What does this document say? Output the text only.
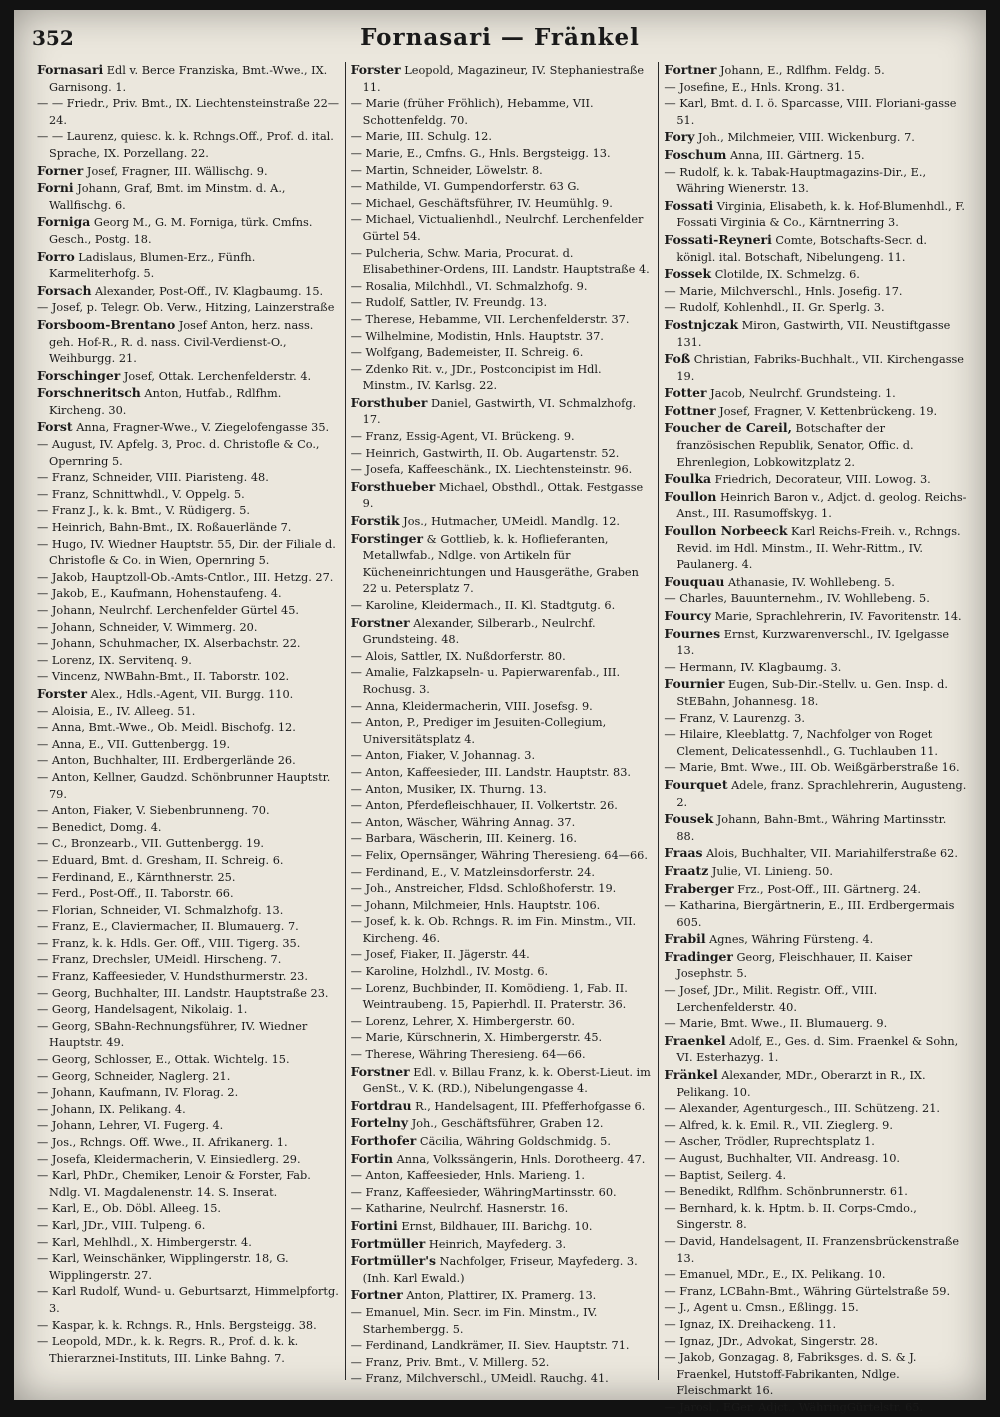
352	Fornasari — Fränkel
Fornasari Edl v. Berce Franziska, Bmt.-Wwe., IX. Garnisong. 1.
— — Friedr., Priv. Bmt., IX. Liechtensteinstraße 22—24.
— — Laurenz, quiesc. k. k. Rchngs.Off., Prof. d. ital. Sprache, IX. Porzellang. 22.
Forner Josef, Fragner, III. Wällischg. 9.
Forni Johann, Graf, Bmt. im Minstm. d. A., Wallfischg. 6.
Forniga Georg M., G. M. Forniga, türk. Cmfns. Gesch., Postg. 18.
Forro Ladislaus, Blumen-Erz., Fünfh. Karmeliterhofg. 5.
Forsach Alexander, Post-Off., IV. Klagbaumg. 15.
— Josef, p. Telegr. Ob. Verw., Hitzing, Lainzerstraße
Forsboom-Brentano Josef Anton, herz. nass. geh. Hof-R., R. d. nass. Civil-Verdienst-O., Weihburgg. 21.
Forschinger Josef, Ottak. Lerchenfelderstr. 4.
Forschneritsch Anton, Hutfab., Rdlfhm. Kircheng. 30.
Forst Anna, Fragner-Wwe., V. Ziegelofengasse 35.
— August, IV. Apfelg. 3, Proc. d. Christofle & Co., Opernring 5.
— Franz, Schneider, VIII. Piaristeng. 48.
— Franz, Schnittwhdl., V. Oppelg. 5.
— Franz J., k. k. Bmt., V. Rüdigerg. 5.
— Heinrich, Bahn-Bmt., IX. Roßauerlände 7.
— Hugo, IV. Wiedner Hauptstr. 55, Dir. der Filiale d. Christofle & Co. in Wien, Opernring 5.
— Jakob, Hauptzoll-Ob.-Amts-Cntlor., III. Hetzg. 27.
— Jakob, E., Kaufmann, Hohenstaufeng. 4.
— Johann, Neulrchf. Lerchenfelder Gürtel 45.
— Johann, Schneider, V. Wimmerg. 20.
— Johann, Schuhmacher, IX. Alserbachstr. 22.
— Lorenz, IX. Servitenq. 9.
— Vincenz, NWBahn-Bmt., II. Taborstr. 102.
Forster Alex., Hdls.-Agent, VII. Burgg. 110.
— Aloisia, E., IV. Alleeg. 51.
— Anna, Bmt.-Wwe., Ob. Meidl. Bischofg. 12.
— Anna, E., VII. Guttenbergg. 19.
— Anton, Buchhalter, III. Erdbergerlände 26.
— Anton, Kellner, Gaudzd. Schönbrunner Hauptstr. 79.
— Anton, Fiaker, V. Siebenbrunneng. 70.
— Benedict, Domg. 4.
— C., Bronzearb., VII. Guttenbergg. 19.
— Eduard, Bmt. d. Gresham, II. Schreig. 6.
— Ferdinand, E., Kärnthnerstr. 25.
— Ferd., Post-Off., II. Taborstr. 66.
— Florian, Schneider, VI. Schmalzhofg. 13.
— Franz, E., Claviermacher, II. Blumauerg. 7.
— Franz, k. k. Hdls. Ger. Off., VIII. Tigerg. 35.
— Franz, Drechsler, UMeidl. Hirscheng. 7.
— Franz, Kaffeesieder, V. Hundsthurmerstr. 23.
— Georg, Buchhalter, III. Landstr. Hauptstraße 23.
— Georg, Handelsagent, Nikolaig. 1.
— Georg, SBahn-Rechnungsführer, IV. Wiedner Hauptstr. 49.
— Georg, Schlosser, E., Ottak. Wichtelg. 15.
— Georg, Schneider, Naglerg. 21.
— Johann, Kaufmann, IV. Florag. 2.
— Johann, IX. Pelikang. 4.
— Johann, Lehrer, VI. Fugerg. 4.
— Jos., Rchngs. Off. Wwe., II. Afrikanerg. 1.
— Josefa, Kleidermacherin, V. Einsiedlerg. 29.
— Karl, PhDr., Chemiker, Lenoir & Forster, Fab. Ndlg. VI. Magdalenenstr. 14. S. Inserat.
— Karl, E., Ob. Döbl. Alleeg. 15.
— Karl, JDr., VIII. Tulpeng. 6.
— Karl, Mehlhdl., X. Himbergerstr. 4.
— Karl, Weinschänker, Wipplingerstr. 18, G. Wipplingerstr. 27.
— Karl Rudolf, Wund- u. Geburtsarzt, Himmelpfortg. 3.
— Kaspar, k. k. Rchngs. R., Hnls. Bergsteigg. 38.
— Leopold, MDr., k. k. Regrs. R., Prof. d. k. k. Thierarznei-Instituts, III. Linke Bahng. 7.
Forster Leopold, Magazineur, IV. Stephaniestraße 11.
— Marie (früher Fröhlich), Hebamme, VII. Schottenfeldg. 70.
— Marie, III. Schulg. 12.
— Marie, E., Cmfns. G., Hnls. Bergsteigg. 13.
— Martin, Schneider, Löwelstr. 8.
— Mathilde, VI. Gumpendorferstr. 63 G.
— Michael, Geschäftsführer, IV. Heumühlg. 9.
— Michael, Victualienhdl., Neulrchf. Lerchenfelder Gürtel 54.
— Pulcheria, Schw. Maria, Procurat. d. Elisabethiner-Ordens, III. Landstr. Hauptstraße 4.
— Rosalia, Milchhdl., VI. Schmalzhofg. 9.
— Rudolf, Sattler, IV. Freundg. 13.
— Therese, Hebamme, VII. Lerchenfelderstr. 37.
— Wilhelmine, Modistin, Hnls. Hauptstr. 37.
— Wolfgang, Bademeister, II. Schreig. 6.
— Zdenko Rit. v., JDr., Postconcipist im Hdl. Minstm., IV. Karlsg. 22.
Forsthuber Daniel, Gastwirth, VI. Schmalzhofg. 17.
— Franz, Essig-Agent, VI. Brückeng. 9.
— Heinrich, Gastwirth, II. Ob. Augartenstr. 52.
— Josefa, Kaffeeschänk., IX. Liechtensteinstr. 96.
Forsthueber Michael, Obsthdl., Ottak. Festgasse 9.
Forstik Jos., Hutmacher, UMeidl. Mandlg. 12.
Forstinger & Gottlieb, k. k. Hoflieferanten, Metallwfab., Ndlge. von Artikeln für Kücheneinrichtungen und Hausgeräthe, Graben 22 u. Petersplatz 7.
— Karoline, Kleidermach., II. Kl. Stadtgutg. 6.
Forstner Alexander, Silberarb., Neulrchf. Grundsteing. 48.
— Alois, Sattler, IX. Nußdorferstr. 80.
— Amalie, Falzkapseln- u. Papierwarenfab., III. Rochusg. 3.
— Anna, Kleidermacherin, VIII. Josefsg. 9.
— Anton, P., Prediger im Jesuiten-Collegium, Universitätsplatz 4.
— Anton, Fiaker, V. Johannag. 3.
— Anton, Kaffeesieder, III. Landstr. Hauptstr. 83.
— Anton, Musiker, IX. Thurng. 13.
— Anton, Pferdefleischhauer, II. Volkertstr. 26.
— Anton, Wäscher, Währing Annag. 37.
— Barbara, Wäscherin, III. Keinerg. 16.
— Felix, Opernsänger, Währing Theresieng. 64—66.
— Ferdinand, E., V. Matzleinsdorferstr. 24.
— Joh., Anstreicher, Fldsd. Schloßhoferstr. 19.
— Johann, Milchmeier, Hnls. Hauptstr. 106.
— Josef, k. k. Ob. Rchngs. R. im Fin. Minstm., VII. Kircheng. 46.
— Josef, Fiaker, II. Jägerstr. 44.
— Karoline, Holzhdl., IV. Mostg. 6.
— Lorenz, Buchbinder, II. Komödieng. 1, Fab. II. Weintraubeng. 15, Papierhdl. II. Praterstr. 36.
— Lorenz, Lehrer, X. Himbergerstr. 60.
— Marie, Kürschnerin, X. Himbergerstr. 45.
— Therese, Währing Theresieng. 64—66.
Forstner Edl. v. Billau Franz, k. k. Oberst-Lieut. im GenSt., V. K. (RD.), Nibelungengasse 4.
Fortdrau R., Handelsagent, III. Pfefferhofgasse 6.
Fortelny Joh., Geschäftsführer, Graben 12.
Forthofer Cäcilia, Währing Goldschmidg. 5.
Fortin Anna, Volkssängerin, Hnls. Dorotheerg. 47.
— Anton, Kaffeesieder, Hnls. Marieng. 1.
— Franz, Kaffeesieder, WähringMartinsstr. 60.
— Katharine, Neulrchf. Hasnerstr. 16.
Fortini Ernst, Bildhauer, III. Barichg. 10.
Fortmüller Heinrich, Mayfederg. 3.
Fortmüller's Nachfolger, Friseur, Mayfederg. 3. (Inh. Karl Ewald.)
Fortner Anton, Plattirer, IX. Pramerg. 13.
— Emanuel, Min. Secr. im Fin. Minstm., IV. Starhembergg. 5.
— Ferdinand, Landkrämer, II. Siev. Hauptstr. 71.
— Franz, Priv. Bmt., V. Millerg. 52.
— Franz, Milchverschl., UMeidl. Rauchg. 41.
Fortner Johann, E., Rdlfhm. Feldg. 5.
— Josefine, E., Hnls. Krong. 31.
— Karl, Bmt. d. I. ö. Sparcasse, VIII. Floriani-gasse 51.
Fory Joh., Milchmeier, VIII. Wickenburg. 7.
Foschum Anna, III. Gärtnerg. 15.
— Rudolf, k. k. Tabak-Hauptmagazins-Dir., E., Währing Wienerstr. 13.
Fossati Virginia, Elisabeth, k. k. Hof-Blumenhdl., F. Fossati Virginia & Co., Kärntnerring 3.
Fossati-Reyneri Comte, Botschafts-Secr. d. königl. ital. Botschaft, Nibelungeng. 11.
Fossek Clotilde, IX. Schmelzg. 6.
— Marie, Milchverschl., Hnls. Josefig. 17.
— Rudolf, Kohlenhdl., II. Gr. Sperlg. 3.
Fostnjczak Miron, Gastwirth, VII. Neustiftgasse 131.
Foß Christian, Fabriks-Buchhalt., VII. Kirchengasse 19.
Fotter Jacob, Neulrchf. Grundsteing. 1.
Fottner Josef, Fragner, V. Kettenbrückeng. 19.
Foucher de Careil, Botschafter der französischen Republik, Senator, Offic. d. Ehrenlegion, Lobkowitzplatz 2.
Foulka Friedrich, Decorateur, VIII. Lowog. 3.
Foullon Heinrich Baron v., Adjct. d. geolog. Reichs-Anst., III. Rasumoffskyg. 1.
Foullon Norbeeck Karl Reichs-Freih. v., Rchngs. Revid. im Hdl. Minstm., II. Wehr-Rittm., IV. Paulanerg. 4.
Fouquau Athanasie, IV. Wohllebeng. 5.
— Charles, Bauunternehm., IV. Wohllebeng. 5.
Fourcy Marie, Sprachlehrerin, IV. Favoritenstr. 14.
Fournes Ernst, Kurzwarenverschl., IV. Igelgasse 13.
— Hermann, IV. Klagbaumg. 3.
Fournier Eugen, Sub-Dir.-Stellv. u. Gen. Insp. d. StEBahn, Johannesg. 18.
— Franz, V. Laurenzg. 3.
— Hilaire, Kleeblattg. 7, Nachfolger von Roget Clement, Delicatessenhdl., G. Tuchlauben 11.
— Marie, Bmt. Wwe., III. Ob. Weißgärberstraße 16.
Fourquet Adele, franz. Sprachlehrerin, Augusteng. 2.
Fousek Johann, Bahn-Bmt., Währing Martinsstr. 88.
Fraas Alois, Buchhalter, VII. Mariahilferstraße 62.
Fraatz Julie, VI. Linieng. 50.
Fraberger Frz., Post-Off., III. Gärtnerg. 24.
— Katharina, Biergärtnerin, E., III. Erdbergermais 605.
Frabil Agnes, Währing Fürsteng. 4.
Fradinger Georg, Fleischhauer, II. Kaiser Josephstr. 5.
— Josef, JDr., Milit. Registr. Off., VIII. Lerchenfelderstr. 40.
— Marie, Bmt. Wwe., II. Blumauerg. 9.
Fraenkel Adolf, E., Ges. d. Sim. Fraenkel & Sohn, VI. Esterhazyg. 1.
Fränkel Alexander, MDr., Oberarzt in R., IX. Pelikang. 10.
— Alexander, Agenturgesch., III. Schützeng. 21.
— Alfred, k. k. Emil. R., VII. Zieglerg. 9.
— Ascher, Trödler, Ruprechtsplatz 1.
— August, Buchhalter, VII. Andreasg. 10.
— Baptist, Seilerg. 4.
— Benedikt, Rdlfhm. Schönbrunnerstr. 61.
— Bernhard, k. k. Hptm. b. II. Corps-Cmdo., Singerstr. 8.
— David, Handelsagent, II. Franzensbrückenstraße 13.
— Emanuel, MDr., E., IX. Pelikang. 10.
— Franz, LCBahn-Bmt., Währing Gürtelstraße 59.
— J., Agent u. Cmsn., Eßlingg. 15.
— Ignaz, IX. Dreihackeng. 11.
— Ignaz, JDr., Advokat, Singerstr. 28.
— Jakob, Gonzagag. 8, Fabriksges. d. S. & J. Fraenkel, Hutstoff-Fabrikanten, Ndlge. Fleischmarkt 16.
— Jarosl., EGer. Adjct., WähringGürtelstr. 65.
